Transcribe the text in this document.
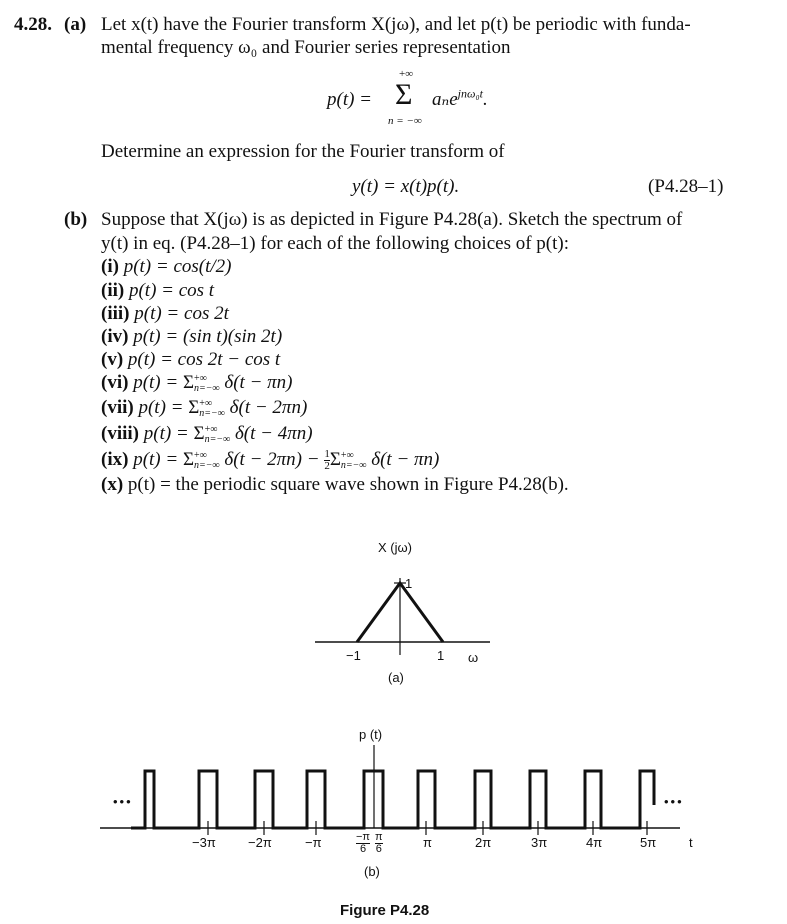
4.28. (a) Let x(t) have the Fourier transform X(jω), and let p(t) be periodic with funda-
mental frequency ω₀ and Fourier series representation
p(t) =
+∞
Σ
n = −∞
aₙe$^{jn\omega_0t}$.
Determine an expression for the Fourier transform of
y(t) = x(t)p(t).	(P4.28–1)
(b) Suppose that X(jω) is as depicted in Figure P4.28(a). Sketch the spectrum of
y(t) in eq. (P4.28–1) for each of the following choices of p(t):
(i) p(t) = cos(t/2)
(ii) p(t) = cos t
(iii) p(t) = cos 2t
(iv) p(t) = (sin t)(sin 2t)
(v) p(t) = cos 2t − cos t
(vi) p(t) = Σ +∞
n=−∞ δ(t − πn)
(vii) p(t) = Σ +∞
n=−∞ δ(t − 2πn)
(viii) p(t) = Σ +∞
n=−∞ δ(t − 4πn)
(ix) p(t) = Σ +∞
n=−∞ $\delta(t - 2\pi n) - \frac{1}{2}$ Σ +∞
n=−∞ δ(t − πn)
(x) p(t) = the periodic square wave shown in Figure P4.28(b).
X (jω)
1
−1	1 ω
(a)
p (t)
•••	•••
−3π −2π	−π	π	2π	3π	4π	5π
−π
6
π
6	t
(b)
Figure P4.28
